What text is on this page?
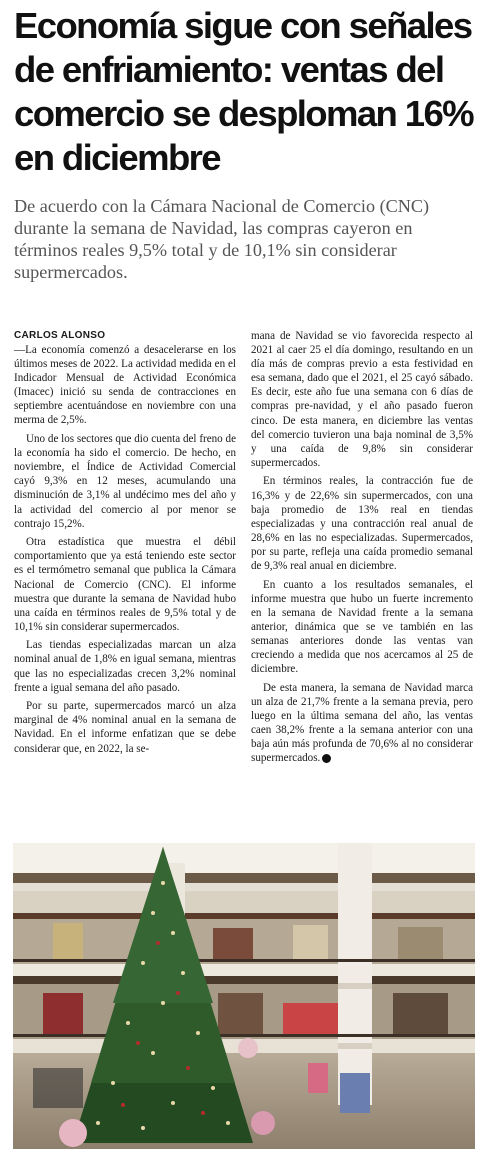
Economía sigue con señales de enfriamiento: ventas del comercio se desploman 16% en diciembre

De acuerdo con la Cámara Nacional de Comercio (CNC) durante la semana de Navidad, las compras cayeron en términos reales 9,5% total y de 10,1% sin considerar supermercados.

CARLOS ALONSO

—La economía comenzó a desacelerarse en los últimos meses de 2022. La actividad medida en el Indicador Mensual de Actividad Económica (Imacec) inició su senda de contracciones en septiembre acentuándose en noviembre con una merma de 2,5%.

Uno de los sectores que dio cuenta del freno de la economía ha sido el comercio. De hecho, en noviembre, el Índice de Actividad Comercial cayó 9,3% en 12 meses, acumulando una disminución de 3,1% al undécimo mes del año y la actividad del comercio al por menor se contrajo 15,2%.

Otra estadística que muestra el débil comportamiento que ya está teniendo este sector es el termómetro semanal que publica la Cámara Nacional de Comercio (CNC). El informe muestra que durante la semana de Navidad hubo una caída en términos reales de 9,5% total y de 10,1% sin considerar supermercados.

Las tiendas especializadas marcan un alza nominal anual de 1,8% en igual semana, mientras que las no especializadas crecen 3,2% nominal frente a igual semana del año pasado.

Por su parte, supermercados marcó un alza marginal de 4% nominal anual en la semana de Navidad. En el informe enfatizan que se debe considerar que, en 2022, la se-

mana de Navidad se vio favorecida respecto al 2021 al caer 25 el día domingo, resultando en un día más de compras previo a esta festividad en esa semana, dado que el 2021, el 25 cayó sábado. Es decir, este año fue una semana con 6 días de compras pre-navidad, y el año pasado fueron cinco. De esta manera, en diciembre las ventas del comercio tuvieron una baja nominal de 3,5% y una caída de 9,8% sin considerar supermercados.

En términos reales, la contracción fue de 16,3% y de 22,6% sin supermercados, con una baja promedio de 13% real en tiendas especializadas y una contracción real anual de 28,6% en las no especializadas. Supermercados, por su parte, refleja una caída promedio semanal de 9,3% real anual en diciembre.

En cuanto a los resultados semanales, el informe muestra que hubo un fuerte incremento en la semana de Navidad frente a la semana anterior, dinámica que se ve también en las semanas anteriores donde las ventas van creciendo a medida que nos acercamos al 25 de diciembre.

De esta manera, la semana de Navidad marca un alza de 21,7% frente a la semana previa, pero luego en la última semana del año, las ventas caen 38,2% frente a la semana anterior con una baja aún más profunda de 70,6% al no considerar supermercados. P
